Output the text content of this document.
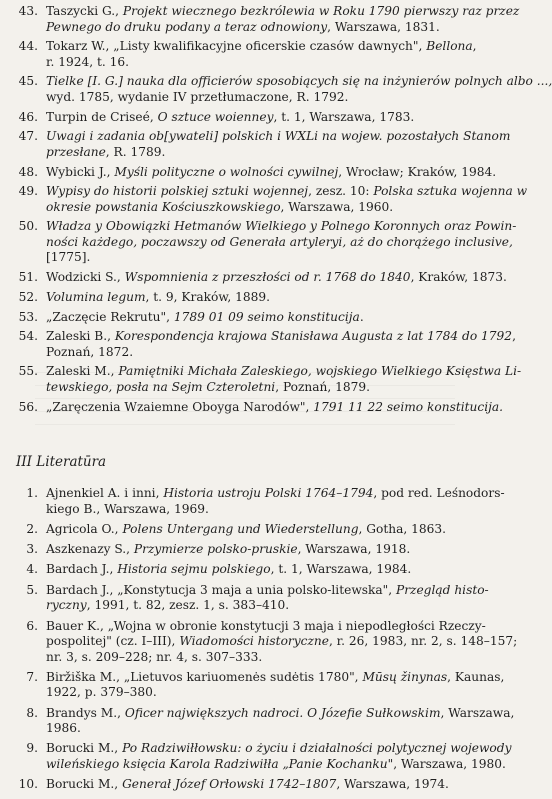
43. Taszycki G., Projekt wiecznego bezkrólewia w Roku 1790 pierwszy raz przez
Pewnego do druku podany a teraz odnowiony, Warszawa, 1831.
44. Tokarz W., „Listy kwalifikacyjne oficerskie czasów dawnych", Bellona,
r. 1924, t. 16.
45. Tielke [I. G.] nauka dla officierów sposobiących się na inżynierów polnych albo ...,
wyd. 1785, wydanie IV przetłumaczone, R. 1792.
46. Turpin de Criseé, O sztuce woienney, t. 1, Warszawa, 1783.
47. Uwagi i zadania ob[ywateli] polskich i WXLi na wojew. pozostałych Stanom
przesłane, R. 1789.
48. Wybicki J., Myśli polityczne o wolności cywilnej, Wrocław; Kraków, 1984.
49. Wypisy do historii polskiej sztuki wojennej, zesz. 10: Polska sztuka wojenna w
okresie powstania Kościuszkowskiego, Warszawa, 1960.
50. Władza y Obowiązki Hetmanów Wielkiego y Polnego Koronnych oraz Powin-
ności każdego, poczawszy od Generała artyleryi, aż do chorążego inclusive,
[1775].
51. Wodzicki S., Wspomnienia z przeszłości od r. 1768 do 1840, Kraków, 1873.
52. Volumina legum, t. 9, Kraków, 1889.
53. „Zaczęcie Rekrutu", 1789 01 09 seimo konstitucija.
54. Zaleski B., Korespondencja krajowa Stanisława Augusta z lat 1784 do 1792,
Poznań, 1872.
55. Zaleski M., Pamiętniki Michała Zaleskiego, wojskiego Wielkiego Księstwa Li-
tewskiego, posła na Sejm Czteroletni, Poznań, 1879.
56. „Zaręczenia Wzaiemne Oboyga Narodów", 1791 11 22 seimo konstitucija.
III Literatūra
1. Ajnenkiel A. i inni, Historia ustroju Polski 1764–1794, pod red. Leśnodors-
kiego B., Warszawa, 1969.
2. Agricola O., Polens Untergang und Wiederstellung, Gotha, 1863.
3. Aszkenazy S., Przymierze polsko-pruskie, Warszawa, 1918.
4. Bardach J., Historia sejmu polskiego, t. 1, Warszawa, 1984.
5. Bardach J., „Konstytucja 3 maja a unia polsko-litewska", Przegląd histo-
ryczny, 1991, t. 82, zesz. 1, s. 383–410.
6. Bauer K., „Wojna w obronie konstytucji 3 maja i niepodległości Rzeczy-
pospolitej" (cz. I–III), Wiadomości historyczne, r. 26, 1983, nr. 2, s. 148–157;
nr. 3, s. 209–228; nr. 4, s. 307–333.
7. Biržiška M., „Lietuvos kariuomenės sudėtis 1780", Mūsų žinynas, Kaunas,
1922, p. 379–380.
8. Brandys M., Oficer największych nadroci. O Józefie Sułkowskim, Warszawa,
1986.
9. Borucki M., Po Radziwiłłowsku: o życiu i działalności polytycznej wojewody
wileńskiego księcia Karola Radziwiłła „Panie Kochanku", Warszawa, 1980.
10. Borucki M., Generał Józef Orłowski 1742–1807, Warszawa, 1974.
